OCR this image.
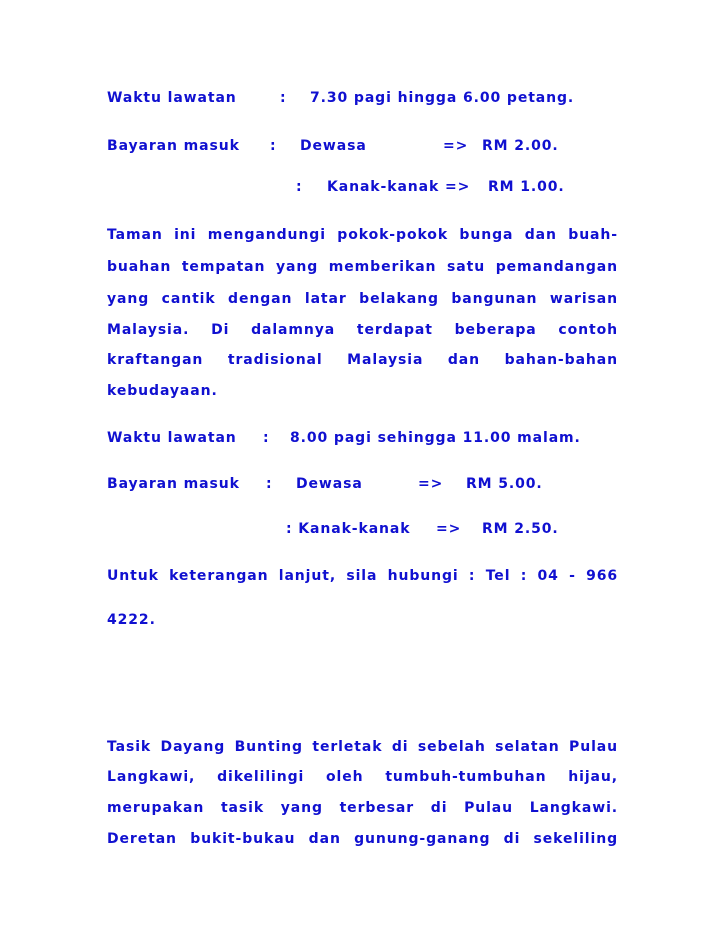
Waktu lawatan	: 7.30 pagi hingga 6.00 petang.

Bayaran masuk : Dewasa	=> RM 2.00.

: Kanak-kanak => RM 1.00.

Taman ini mengandungi pokok-pokok bunga dan buah-

buahan tempatan yang memberikan satu pemandangan

yang cantik dengan latar belakang bangunan warisan

Malaysia. Di dalamnya terdapat beberapa contoh

kraftangan tradisional Malaysia dan bahan-bahan

kebudayaan.

Waktu lawatan : 8.00 pagi sehingga 11.00 malam.

Bayaran masuk : Dewasa	=> RM 5.00.

: Kanak-kanak => RM 2.50.

Untuk keterangan lanjut, sila hubungi : Tel : 04 - 966

4222.

Tasik Dayang Bunting terletak di sebelah selatan Pulau

Langkawi, dikelilingi oleh tumbuh-tumbuhan hijau,

merupakan tasik yang terbesar di Pulau Langkawi.

Deretan bukit-bukau dan gunung-ganang di sekeliling
